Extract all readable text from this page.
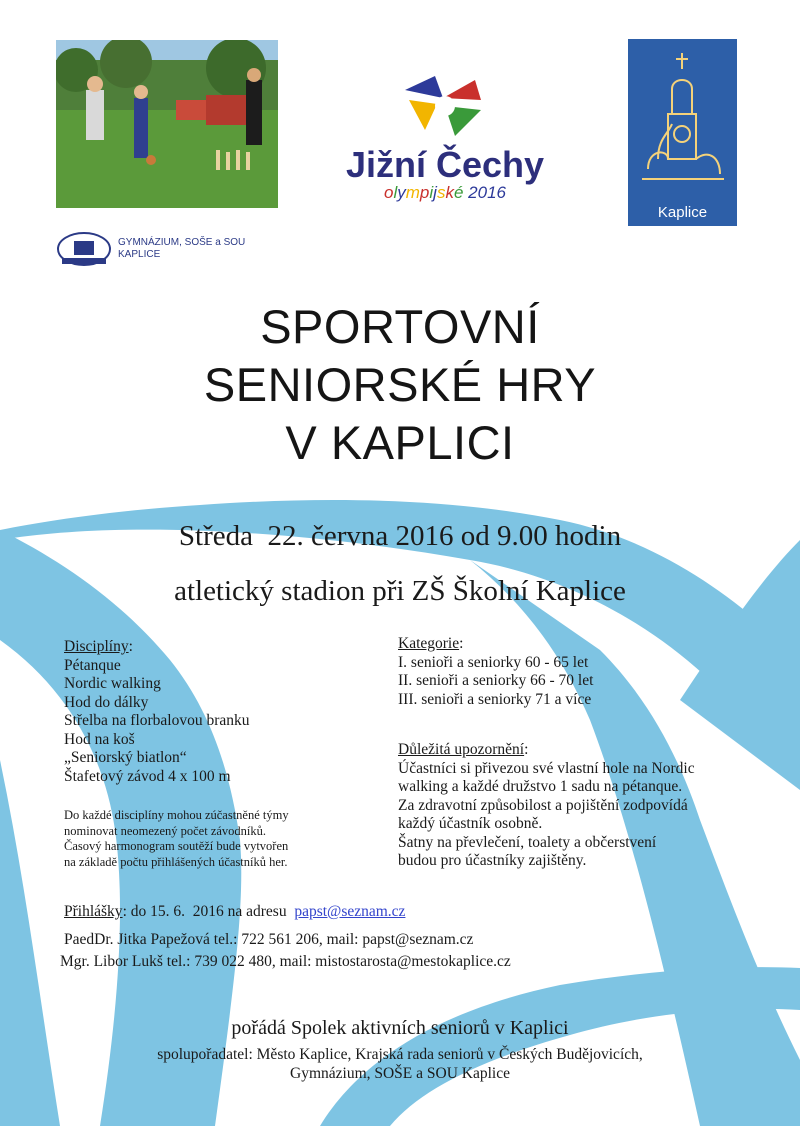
GYMNÁZIUM, SOŠE a SOU
KAPLICE
Jižní Čechy
olympijské 2016
Kaplice
SPORTOVNÍ
SENIORSKÉ HRY
V KAPLICI
Středa  22. června 2016 od 9.00 hodin
atletický stadion při ZŠ Školní Kaplice
Disciplíny:
Pétanque
Nordic walking
Hod do dálky
Střelba na florbalovou branku
Hod na koš
„Seniorský biatlon“
Štafetový závod 4 x 100 m
Do každé disciplíny mohou zúčastněné týmy
nominovat neomezený počet závodníků.
Časový harmonogram soutěží bude vytvořen
na základě počtu přihlášených účastníků her.
Kategorie:
I. senioři a seniorky 60 - 65 let
II. senioři a seniorky 66 - 70 let
III. senioři a seniorky 71 a více
Důležitá upozornění:
Účastníci si přivezou své vlastní hole na Nordic
walking a každé družstvo 1 sadu na pétanque.
Za zdravotní způsobilost a pojištění zodpovídá
každý účastník osobně.
Šatny na převlečení, toalety a občerstvení
budou pro účastníky zajištěny.
Přihlášky: do 15. 6.  2016 na adresu  papst@seznam.cz
PaedDr. Jitka Papežová tel.: 722 561 206, mail: papst@seznam.cz
Mgr. Libor Lukš tel.: 739 022 480, mail: mistostarosta@mestokaplice.cz
pořádá Spolek aktivních seniorů v Kaplici
spolupořadatel: Město Kaplice, Krajská rada seniorů v Českých Budějovicích,
Gymnázium, SOŠE a SOU Kaplice
